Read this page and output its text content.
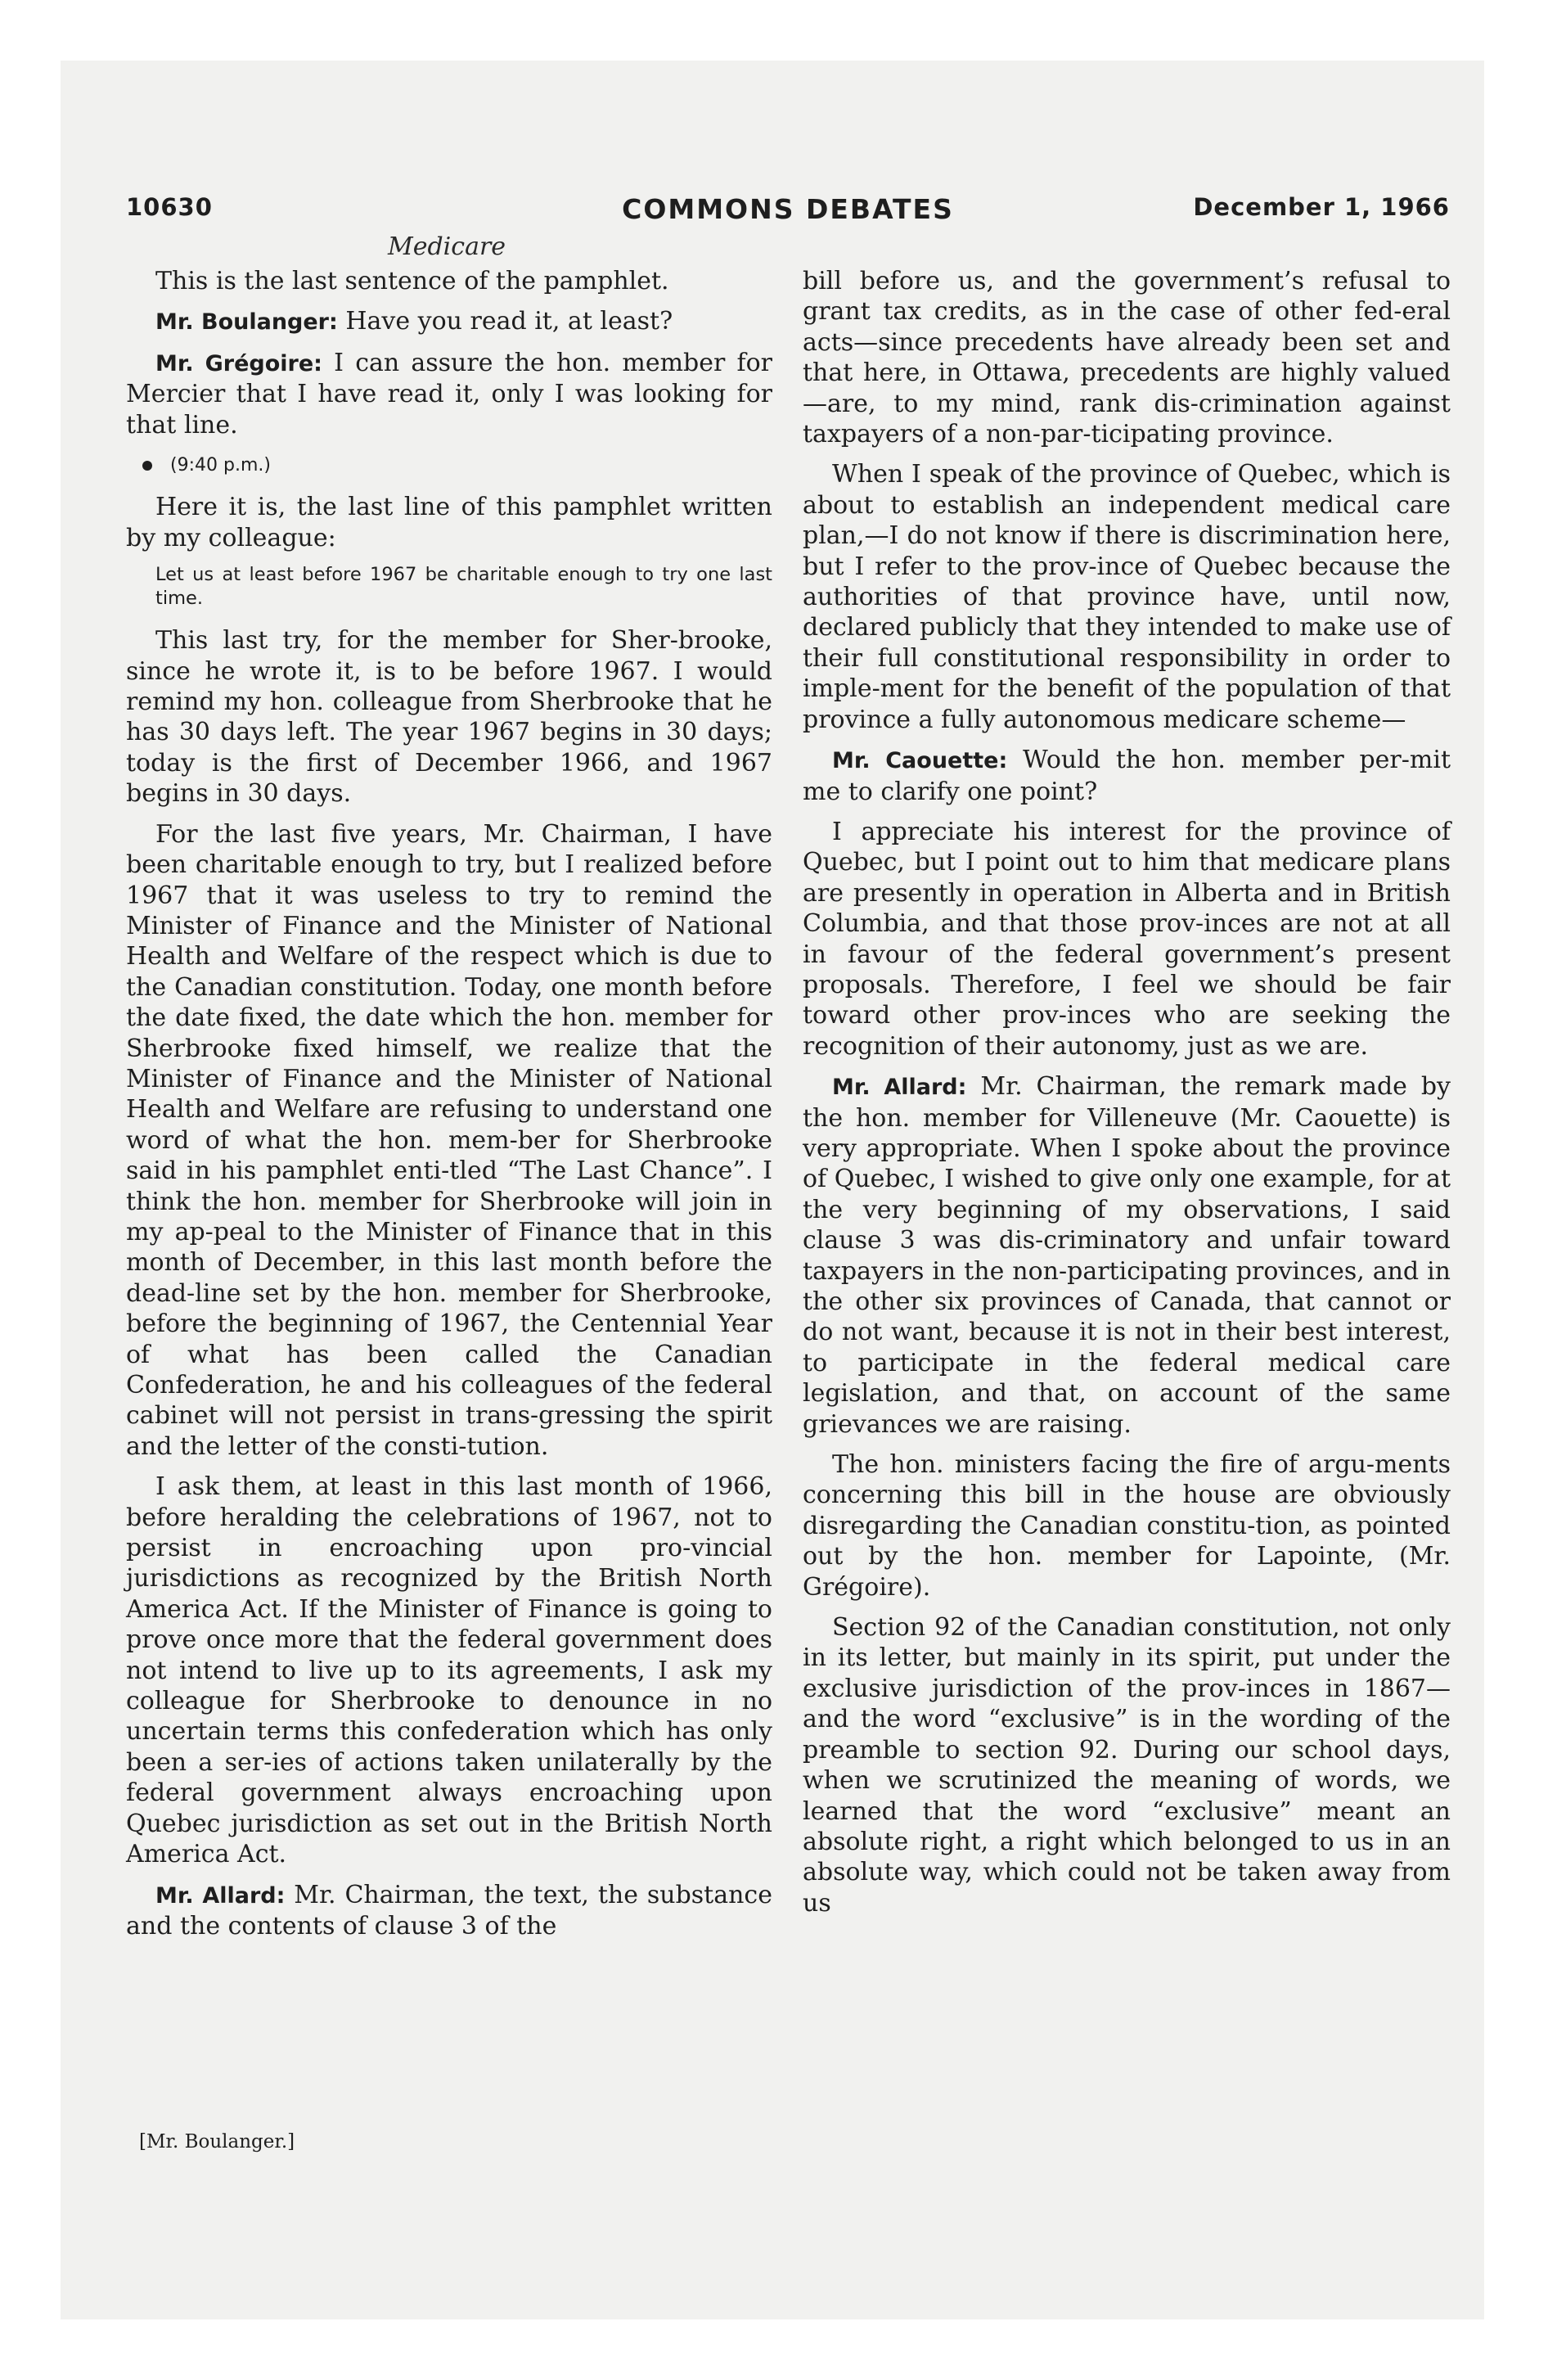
10630	COMMONS DEBATES	December 1, 1966
Medicare

This is the last sentence of the pamphlet.

Mr. Boulanger: Have you read it, at least?

Mr. Grégoire: I can assure the hon. member for Mercier that I have read it, only I was looking for that line.

(9:40 p.m.)

Here it is, the last line of this pamphlet written by my colleague:

Let us at least before 1967 be charitable enough to try one last time.

This last try, for the member for Sher-brooke, since he wrote it, is to be before 1967. I would remind my hon. colleague from Sherbrooke that he has 30 days left. The year 1967 begins in 30 days; today is the first of December 1966, and 1967 begins in 30 days.

For the last five years, Mr. Chairman, I have been charitable enough to try, but I realized before 1967 that it was useless to try to remind the Minister of Finance and the Minister of National Health and Welfare of the respect which is due to the Canadian constitution. Today, one month before the date fixed, the date which the hon. member for Sherbrooke fixed himself, we realize that the Minister of Finance and the Minister of National Health and Welfare are refusing to understand one word of what the hon. mem-ber for Sherbrooke said in his pamphlet enti-tled “The Last Chance”. I think the hon. member for Sherbrooke will join in my ap-peal to the Minister of Finance that in this month of December, in this last month before the dead-line set by the hon. member for Sherbrooke, before the beginning of 1967, the Centennial Year of what has been called the Canadian Confederation, he and his colleagues of the federal cabinet will not persist in trans-gressing the spirit and the letter of the consti-tution.

I ask them, at least in this last month of 1966, before heralding the celebrations of 1967, not to persist in encroaching upon pro-vincial jurisdictions as recognized by the British North America Act. If the Minister of Finance is going to prove once more that the federal government does not intend to live up to its agreements, I ask my colleague for Sherbrooke to denounce in no uncertain terms this confederation which has only been a ser-ies of actions taken unilaterally by the federal government always encroaching upon Quebec jurisdiction as set out in the British North America Act.

Mr. Allard: Mr. Chairman, the text, the substance and the contents of clause 3 of the

bill before us, and the government’s refusal to grant tax credits, as in the case of other fed-eral acts—since precedents have already been set and that here, in Ottawa, precedents are highly valued—are, to my mind, rank dis-crimination against taxpayers of a non-par-ticipating province.

When I speak of the province of Quebec, which is about to establish an independent medical care plan,—I do not know if there is discrimination here, but I refer to the prov-ince of Quebec because the authorities of that province have, until now, declared publicly that they intended to make use of their full constitutional responsibility in order to imple-ment for the benefit of the population of that province a fully autonomous medicare scheme—

Mr. Caouette: Would the hon. member per-mit me to clarify one point?

I appreciate his interest for the province of Quebec, but I point out to him that medicare plans are presently in operation in Alberta and in British Columbia, and that those prov-inces are not at all in favour of the federal government’s present proposals. Therefore, I feel we should be fair toward other prov-inces who are seeking the recognition of their autonomy, just as we are.

Mr. Allard: Mr. Chairman, the remark made by the hon. member for Villeneuve (Mr. Caouette) is very appropriate. When I spoke about the province of Quebec, I wished to give only one example, for at the very beginning of my observations, I said clause 3 was dis-criminatory and unfair toward taxpayers in the non-participating provinces, and in the other six provinces of Canada, that cannot or do not want, because it is not in their best interest, to participate in the federal medical care legislation, and that, on account of the same grievances we are raising.

The hon. ministers facing the fire of argu-ments concerning this bill in the house are obviously disregarding the Canadian constitu-tion, as pointed out by the hon. member for Lapointe, (Mr. Grégoire).

Section 92 of the Canadian constitution, not only in its letter, but mainly in its spirit, put under the exclusive jurisdiction of the prov-inces in 1867—and the word “exclusive” is in the wording of the preamble to section 92. During our school days, when we scrutinized the meaning of words, we learned that the word “exclusive” meant an absolute right, a right which belonged to us in an absolute way, which could not be taken away from us

[Mr. Boulanger.]
